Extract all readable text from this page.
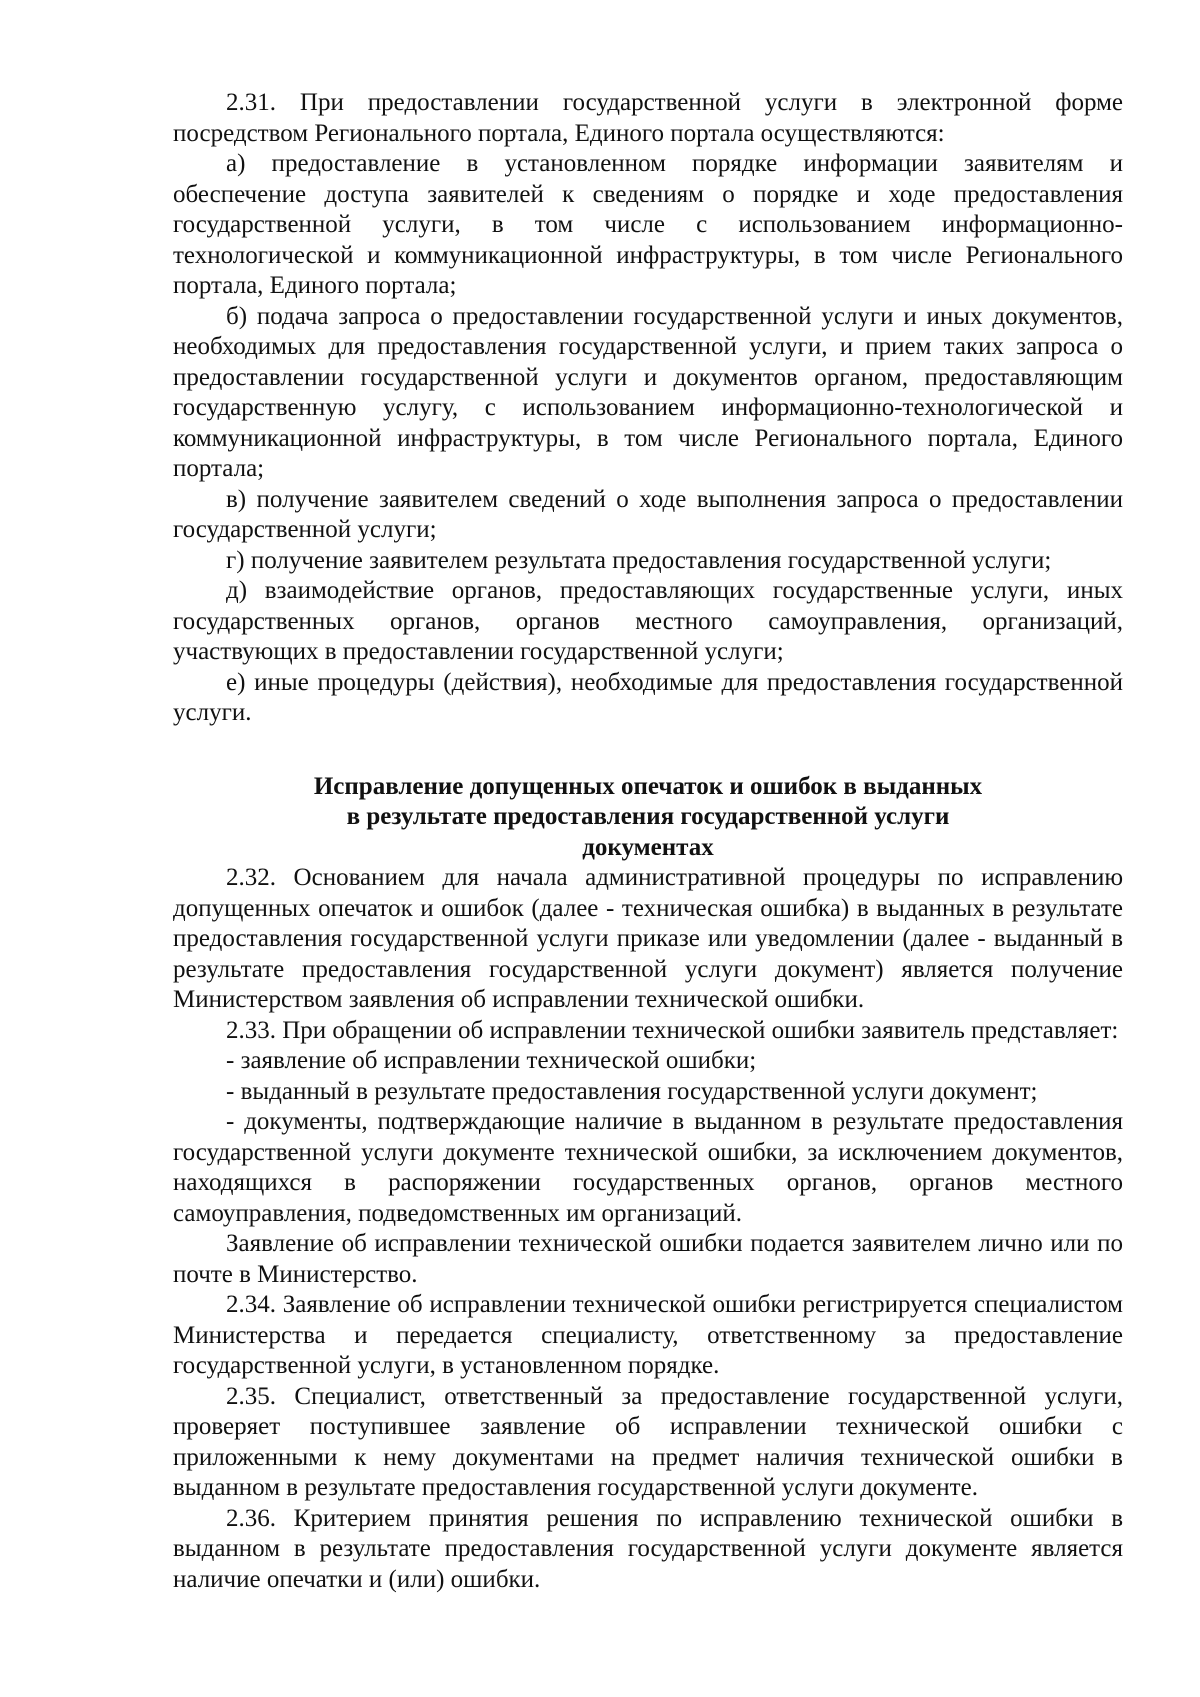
2.31. При предоставлении государственной услуги в электронной форме посредством Регионального портала, Единого портала осуществляются:

а) предоставление в установленном порядке информации заявителям и обеспечение доступа заявителей к сведениям о порядке и ходе предоставления государственной услуги, в том числе с использованием информационно-технологической и коммуникационной инфраструктуры, в том числе Регионального портала, Единого портала;

б) подача запроса о предоставлении государственной услуги и иных документов, необходимых для предоставления государственной услуги, и прием таких запроса о предоставлении государственной услуги и документов органом, предоставляющим государственную услугу, с использованием информационно-технологической и коммуникационной инфраструктуры, в том числе Регионального портала, Единого портала;

в) получение заявителем сведений о ходе выполнения запроса о предоставлении государственной услуги;

г) получение заявителем результата предоставления государственной услуги;

д) взаимодействие органов, предоставляющих государственные услуги, иных государственных органов, органов местного самоуправления, организаций, участвующих в предоставлении государственной услуги;

е) иные процедуры (действия), необходимые для предоставления государственной услуги.

Исправление допущенных опечаток и ошибок в выданных
в результате предоставления государственной услуги
документах

2.32. Основанием для начала административной процедуры по исправлению допущенных опечаток и ошибок (далее - техническая ошибка) в выданных в результате предоставления государственной услуги приказе или уведомлении (далее - выданный в результате предоставления государственной услуги документ) является получение Министерством заявления об исправлении технической ошибки.

2.33. При обращении об исправлении технической ошибки заявитель представляет:

- заявление об исправлении технической ошибки;

- выданный в результате предоставления государственной услуги документ;

- документы, подтверждающие наличие в выданном в результате предоставления государственной услуги документе технической ошибки, за исключением документов, находящихся в распоряжении государственных органов, органов местного самоуправления, подведомственных им организаций.

Заявление об исправлении технической ошибки подается заявителем лично или по почте в Министерство.

2.34. Заявление об исправлении технической ошибки регистрируется специалистом Министерства и передается специалисту, ответственному за предоставление государственной услуги, в установленном порядке.

2.35. Специалист, ответственный за предоставление государственной услуги, проверяет поступившее заявление об исправлении технической ошибки с приложенными к нему документами на предмет наличия технической ошибки в выданном в результате предоставления государственной услуги документе.

2.36. Критерием принятия решения по исправлению технической ошибки в выданном в результате предоставления государственной услуги документе является наличие опечатки и (или) ошибки.
